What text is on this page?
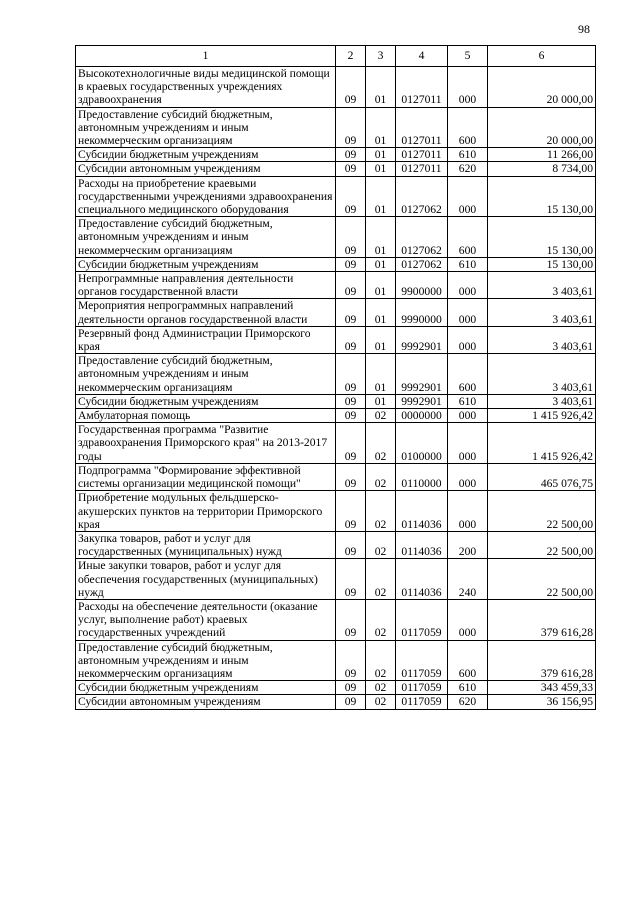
98
1	2	3	4	5	6
Высокотехнологичные виды медицинской помощи в краевых государственных учреждениях здравоохранения	09	01	0127011	000	20 000,00
Предоставление субсидий бюджетным, автономным учреждениям и иным некоммерческим организациям	09	01	0127011	600	20 000,00
Субсидии бюджетным учреждениям	09	01	0127011	610	11 266,00
Субсидии автономным учреждениям	09	01	0127011	620	8 734,00
Расходы на приобретение краевыми государственными учреждениями здравоохранения специального медицинского оборудования	09	01	0127062	000	15 130,00
Предоставление субсидий бюджетным, автономным учреждениям и иным некоммерческим организациям	09	01	0127062	600	15 130,00
Субсидии бюджетным учреждениям	09	01	0127062	610	15 130,00
Непрограммные направления деятельности органов государственной власти	09	01	9900000	000	3 403,61
Мероприятия непрограммных направлений деятельности органов государственной власти	09	01	9990000	000	3 403,61
Резервный фонд Администрации Приморского края	09	01	9992901	000	3 403,61
Предоставление субсидий бюджетным, автономным учреждениям и иным некоммерческим организациям	09	01	9992901	600	3 403,61
Субсидии бюджетным учреждениям	09	01	9992901	610	3 403,61
Амбулаторная помощь	09	02	0000000	000	1 415 926,42
Государственная программа "Развитие здравоохранения Приморского края" на 2013-2017 годы	09	02	0100000	000	1 415 926,42
Подпрограмма "Формирование эффективной системы организации медицинской помощи"	09	02	0110000	000	465 076,75
Приобретение модульных фельдшерско-акушерских пунктов на территории Приморского края	09	02	0114036	000	22 500,00
Закупка товаров, работ и услуг для государственных (муниципальных) нужд	09	02	0114036	200	22 500,00
Иные закупки товаров, работ и услуг для обеспечения государственных (муниципальных) нужд	09	02	0114036	240	22 500,00
Расходы на обеспечение деятельности (оказание услуг, выполнение работ) краевых государственных учреждений	09	02	0117059	000	379 616,28
Предоставление субсидий бюджетным, автономным учреждениям и иным некоммерческим организациям	09	02	0117059	600	379 616,28
Субсидии бюджетным учреждениям	09	02	0117059	610	343 459,33
Субсидии автономным учреждениям	09	02	0117059	620	36 156,95
